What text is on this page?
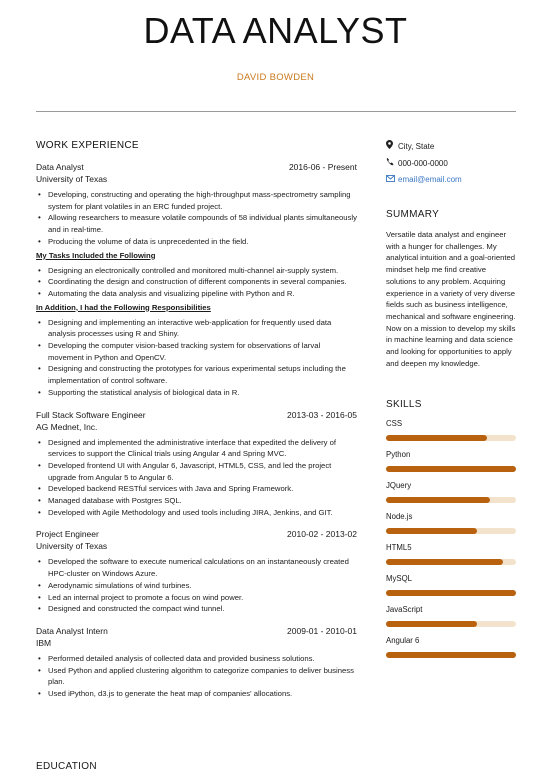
DATA ANALYST
DAVID BOWDEN
WORK EXPERIENCE
Data Analyst	2016-06 - Present
University of Texas
• Developing, constructing and operating the high-throughput mass-spectrometry sampling system for plant volatiles in an ERC funded project.
• Allowing researchers to measure volatile compounds of 58 individual plants simultaneously and in real-time.
• Producing the volume of data is unprecedented in the field.
My Tasks Included the Following
• Designing an electronically controlled and monitored multi-channel air-supply system.
• Coordinating the design and construction of different components in several companies.
• Automating the data analysis and visualizing pipeline with Python and R.
In Addition, I had the Following Responsibilities
• Designing and implementing an interactive web-application for frequently used data analysis processes using R and Shiny.
• Developing the computer vision-based tracking system for observations of larval movement in Python and OpenCV.
• Designing and constructing the prototypes for various experimental setups including the implementation of control software.
• Supporting the statistical analysis of biological data in R.
Full Stack Software Engineer	2013-03 - 2016-05
AG Mednet, Inc.
• Designed and implemented the administrative interface that expedited the delivery of services to support the Clinical trials using Angular 4 and Spring MVC.
• Developed frontend UI with Angular 6, Javascript, HTML5, CSS, and led the project upgrade from Angular 5 to Angular 6.
• Developed backend RESTful services with Java and Spring Framework.
• Managed database with Postgres SQL.
• Developed with Agile Methodology and used tools including JIRA, Jenkins, and GIT.
Project Engineer	2010-02 - 2013-02
University of Texas
• Developed the software to execute numerical calculations on an instantaneously created HPC-cluster on Windows Azure.
• Aerodynamic simulations of wind turbines.
• Led an internal project to promote a focus on wind power.
• Designed and constructed the compact wind tunnel.
Data Analyst Intern	2009-01 - 2010-01
IBM
• Performed detailed analysis of collected data and provided business solutions.
• Used Python and applied clustering algorithm to categorize companies to deliver business plan.
• Used iPython, d3.js to generate the heat map of companies' allocations.
EDUCATION
City, State
000-000-0000
email@email.com
SUMMARY
Versatile data analyst and engineer with a hunger for challenges. My analytical intuition and a goal-oriented mindset help me find creative solutions to any problem. Acquiring experience in a variety of very diverse fields such as business intelligence, mechanical and software engineering. Now on a mission to develop my skills in machine learning and data science and looking for opportunities to apply and deepen my knowledge.
SKILLS
CSS
Python
JQuery
Node.js
HTML5
MySQL
JavaScript
Angular 6
